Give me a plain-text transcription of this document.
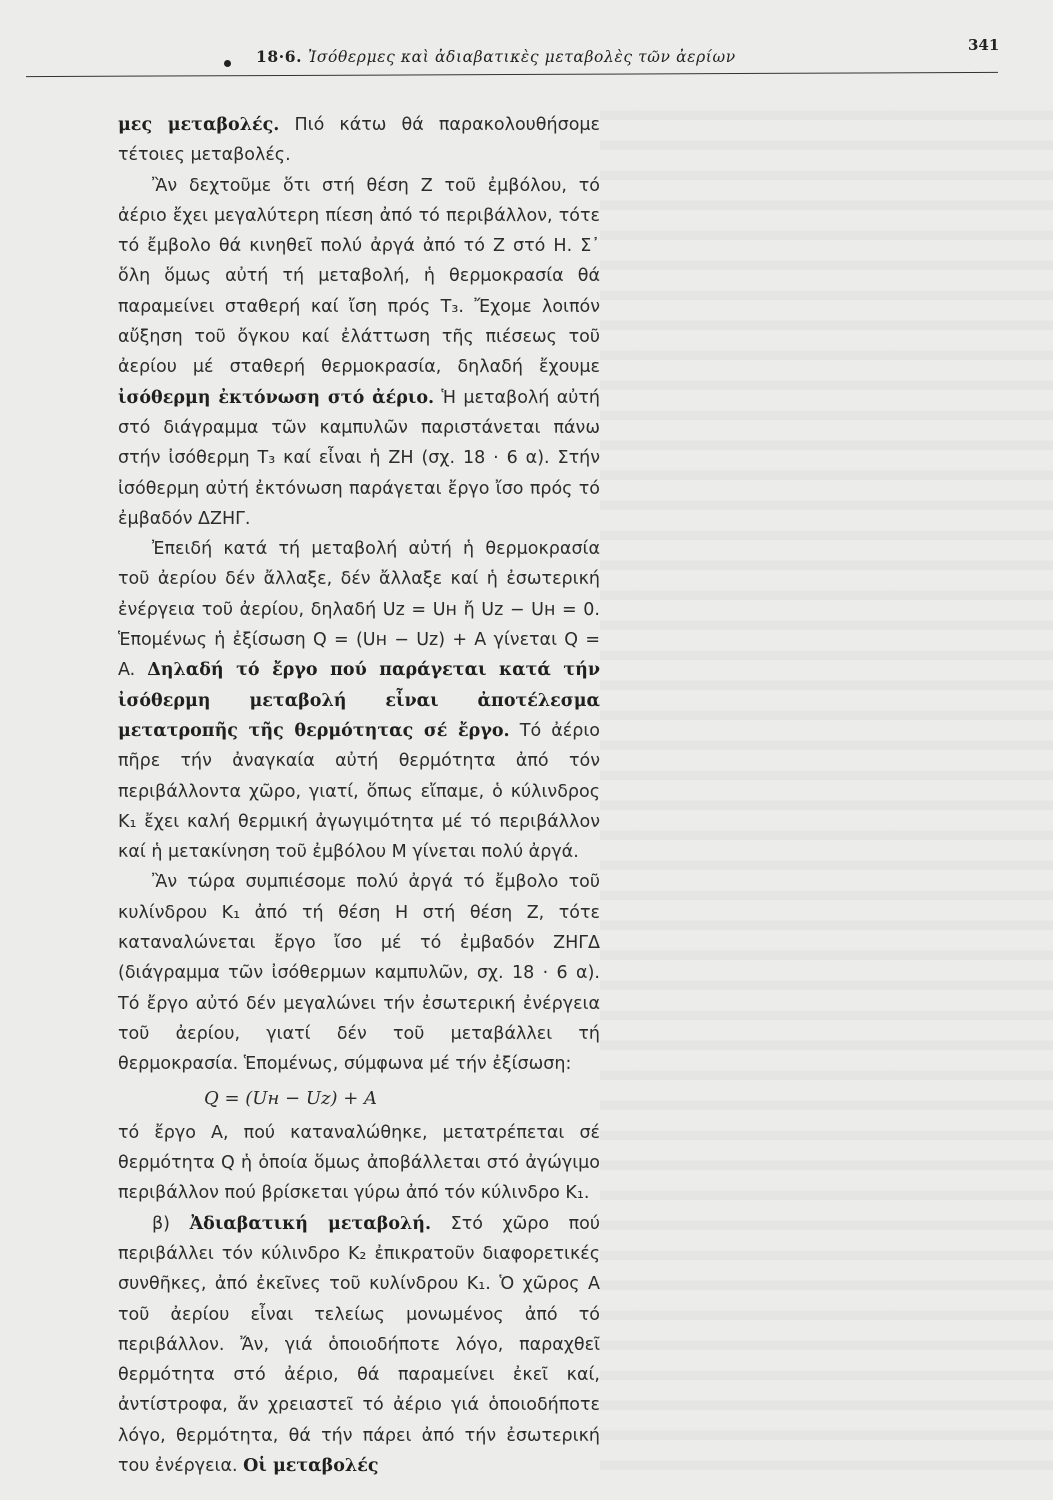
18·6. Ἰσόθερμες καὶ ἀδιαβατικὲς μεταβολὲς τῶν ἀερίων
341

μες μεταβολές. Πιό κάτω θά παρακολουθήσομε τέτοιες μεταβολές.

Ἂν δεχτοῦμε ὅτι στή θέση Ζ τοῦ ἐμβόλου, τό ἀέριο ἔχει μεγαλύτερη πίεση ἀπό τό περιβάλλον, τότε τό ἔμβολο θά κινηθεῖ πολύ ἀργά ἀπό τό Ζ στό Η. Σ᾽ ὅλη ὅμως αὐτή τή μεταβολή, ἡ θερμοκρασία θά παραμείνει σταθερή καί ἴση πρός Τ₃. Ἔχομε λοιπόν αὔξηση τοῦ ὄγκου καί ἐλάττωση τῆς πιέσεως τοῦ ἀερίου μέ σταθερή θερμοκρασία, δηλαδή ἔχουμε ἰσόθερμη ἐκτόνωση στό ἀέριο. Ἡ μεταβολή αὐτή στό διάγραμμα τῶν καμπυλῶν παριστάνεται πάνω στήν ἰσόθερμη Τ₃ καί εἶναι ἡ ΖΗ (σχ. 18 · 6 α). Στήν ἰσόθερμη αὐτή ἐκτόνωση παράγεται ἔργο ἴσο πρός τό ἐμβαδόν ΔΖΗΓ.

Ἐπειδή κατά τή μεταβολή αὐτή ἡ θερμοκρασία τοῦ ἀερίου δέν ἄλλαξε, δέν ἄλλαξε καί ἡ ἐσωτερική ἐνέργεια τοῦ ἀερίου, δηλαδή Uz = Uн ἤ Uz − Uн = 0. Ἑπομένως ἡ ἐξίσωση Q = (Uн − Uz) + A γίνεται Q = A. Δηλαδή τό ἔργο πού παράγεται κατά τήν ἰσόθερμη μεταβολή εἶναι ἀποτέλεσμα μετατροπῆς τῆς θερμότητας σέ ἔργο. Τό ἀέριο πῆρε τήν ἀναγκαία αὐτή θερμότητα ἀπό τόν περιβάλλοντα χῶρο, γιατί, ὅπως εἴπαμε, ὁ κύλινδρος Κ₁ ἔχει καλή θερμική ἀγωγιμότητα μέ τό περιβάλλον καί ἡ μετακίνηση τοῦ ἐμβόλου Μ γίνεται πολύ ἀργά.

Ἂν τώρα συμπιέσομε πολύ ἀργά τό ἔμβολο τοῦ κυλίνδρου Κ₁ ἀπό τή θέση Η στή θέση Ζ, τότε καταναλώνεται ἔργο ἴσο μέ τό ἐμβαδόν ΖΗΓΔ (διάγραμμα τῶν ἰσόθερμων καμπυλῶν, σχ. 18 · 6 α). Τό ἔργο αὐτό δέν μεγαλώνει τήν ἐσωτερική ἐνέργεια τοῦ ἀερίου, γιατί δέν τοῦ μεταβάλλει τή θερμοκρασία. Ἑπομένως, σύμφωνα μέ τήν ἐξίσωση:

Q = (Uн − Uz) + A

τό ἔργο Α, πού καταναλώθηκε, μετατρέπεται σέ θερμότητα Q ἡ ὁποία ὅμως ἀποβάλλεται στό ἀγώγιμο περιβάλλον πού βρίσκεται γύρω ἀπό τόν κύλινδρο Κ₁.

β) Ἀδιαβατική μεταβολή. Στό χῶρο πού περιβάλλει τόν κύλινδρο Κ₂ ἐπικρατοῦν διαφορετικές συνθῆκες, ἀπό ἐκεῖνες τοῦ κυλίνδρου Κ₁. Ὁ χῶρος Α τοῦ ἀερίου εἶναι τελείως μονωμένος ἀπό τό περιβάλλον. Ἄν, γιά ὁποιοδήποτε λόγο, παραχθεῖ θερμότητα στό ἀέριο, θά παραμείνει ἐκεῖ καί, ἀντίστροφα, ἄν χρειαστεῖ τό ἀέριο γιά ὁποιοδήποτε λόγο, θερμότητα, θά τήν πάρει ἀπό τήν ἐσωτερική του ἐνέργεια. Οἱ μεταβολές
